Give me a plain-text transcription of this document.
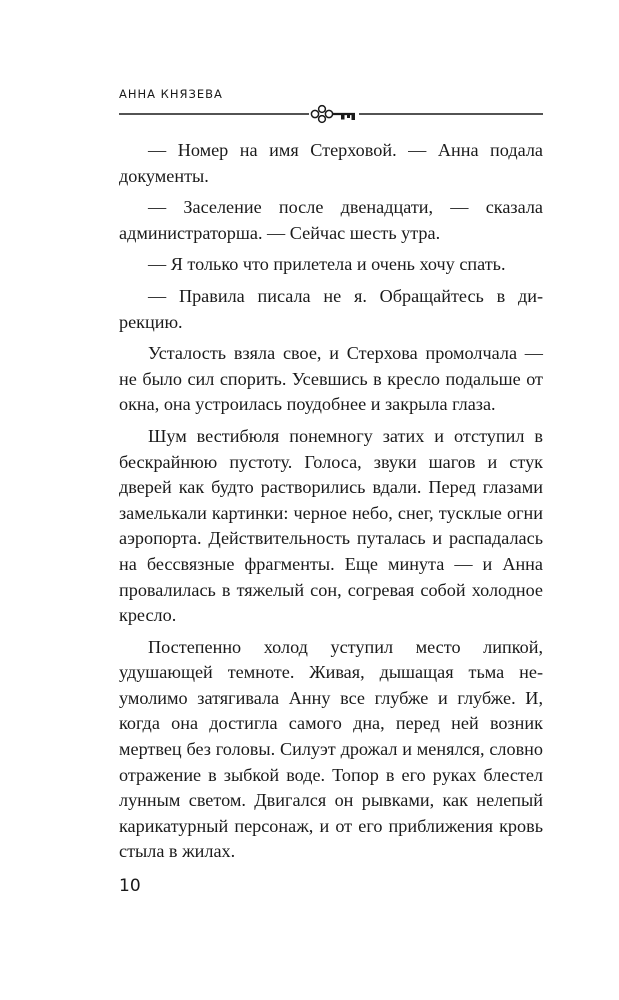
АННА КНЯЗЕВА

— Номер на имя Стерховой. — Анна подала документы.

— Заселение после двенадцати, — сказала администраторша. — Сейчас шесть утра.

— Я только что прилетела и очень хочу спать.

— Правила писала не я. Обращайтесь в дирекцию.

Усталость взяла свое, и Стерхова промолчала — не было сил спорить. Усевшись в кресло подальше от окна, она устроилась поудобнее и закрыла глаза.

Шум вестибюля понемногу затих и отступил в бескрайнюю пустоту. Голоса, звуки шагов и стук дверей как будто растворились вдали. Перед глазами замелькали картинки: черное небо, снег, тусклые огни аэропорта. Действительность путалась и распадалась на бессвязные фрагменты. Еще минута — и Анна провалилась в тяжелый сон, согревая собой холодное кресло.

Постепенно холод уступил место липкой, удушающей темноте. Живая, дышащая тьма неумолимо затягивала Анну все глубже и глубже. И, когда она достигла самого дна, перед ней возник мертвец без головы. Силуэт дрожал и менялся, словно отражение в зыбкой воде. Топор в его руках блестел лунным светом. Двигался он рывками, как нелепый карикатурный персонаж, и от его приближения кровь стыла в жилах.

10
